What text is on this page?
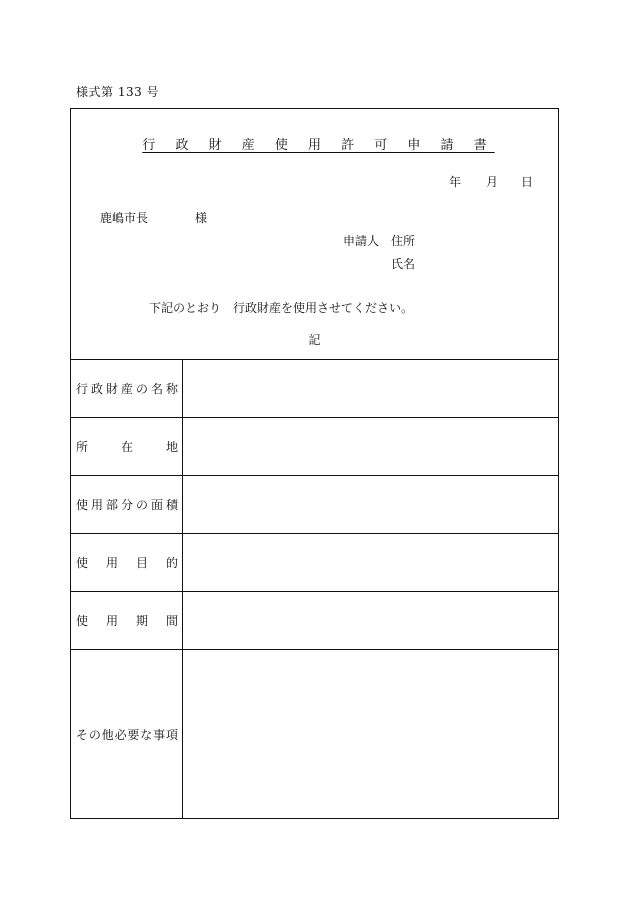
様式第 133 号
行 政 財 産 使 用 許 可 申 請 書
年 月 日
鹿嶋市長	様
申請人 住所
氏名
下記のとおり　行政財産を使用させてください。
記
行政財産の名称
所　在　地
使用部分の面積
使　用　目　的
使　用　期　間
その他必要な事項
